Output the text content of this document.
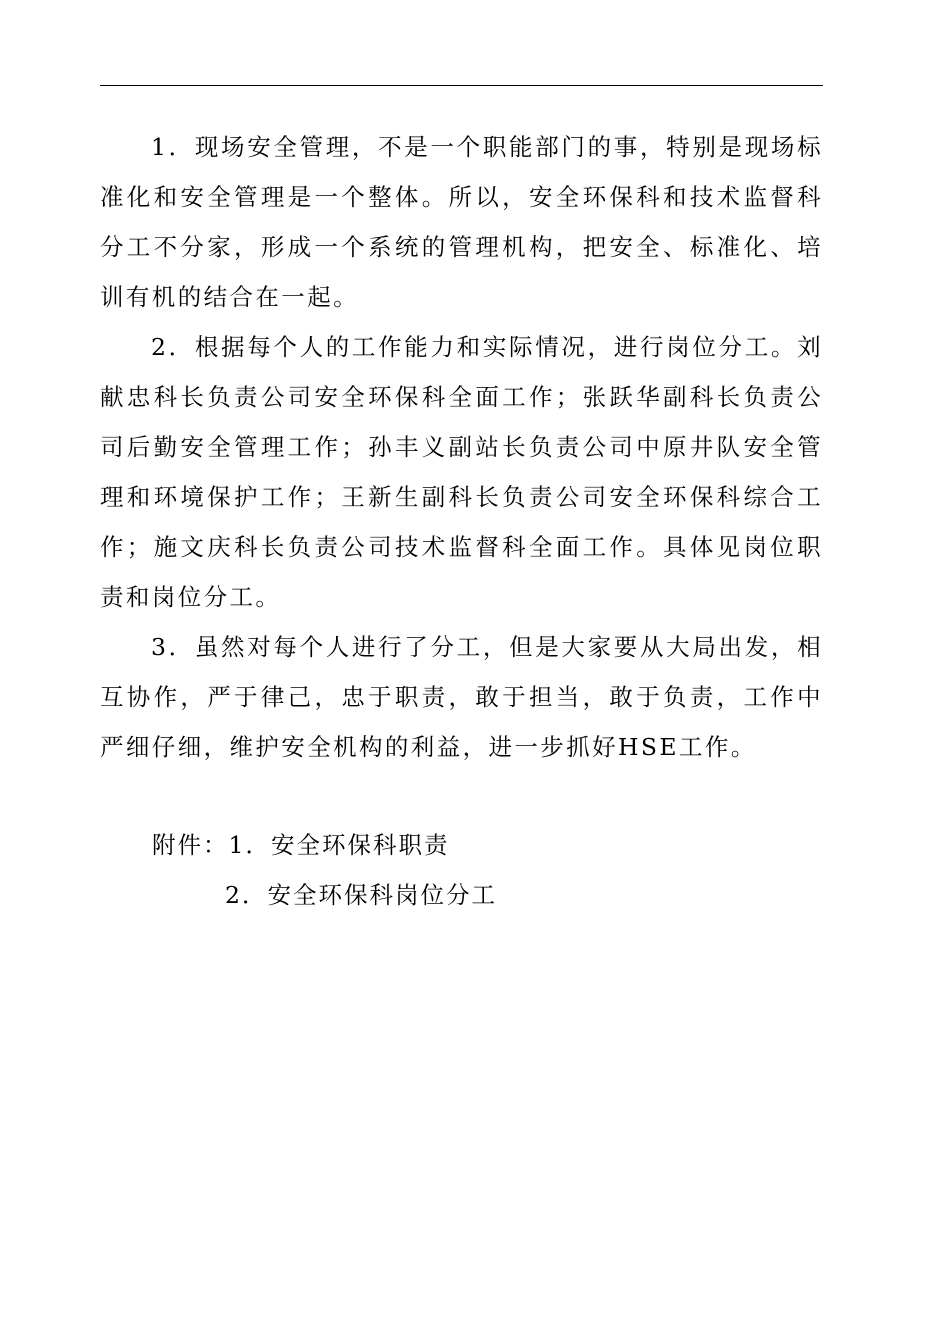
1．现场安全管理，不是一个职能部门的事，特别是现场标准化和安全管理是一个整体。所以，安全环保科和技术监督科分工不分家，形成一个系统的管理机构，把安全、标准化、培训有机的结合在一起。

2．根据每个人的工作能力和实际情况，进行岗位分工。刘献忠科长负责公司安全环保科全面工作；张跃华副科长负责公司后勤安全管理工作；孙丰义副站长负责公司中原井队安全管理和环境保护工作；王新生副科长负责公司安全环保科综合工作；施文庆科长负责公司技术监督科全面工作。具体见岗位职责和岗位分工。

3．虽然对每个人进行了分工，但是大家要从大局出发，相互协作，严于律己，忠于职责，敢于担当，敢于负责，工作中严细仔细，维护安全机构的利益，进一步抓好HSE工作。

附件：1．安全环保科职责
2．安全环保科岗位分工
